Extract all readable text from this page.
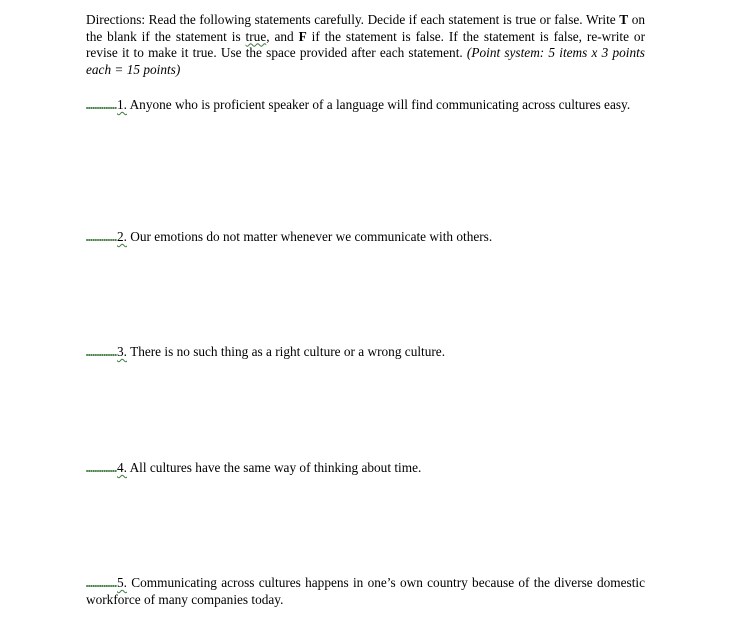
Directions: Read the following statements carefully. Decide if each statement is true or false. Write T on the blank if the statement is true, and F if the statement is false. If the statement is false, re-write or revise it to make it true. Use the space provided after each statement. (Point system: 5 items x 3 points each = 15 points)

1. Anyone who is proficient speaker of a language will find communicating across cultures easy.

2. Our emotions do not matter whenever we communicate with others.

3. There is no such thing as a right culture or a wrong culture.

4. All cultures have the same way of thinking about time.

5. Communicating across cultures happens in one’s own country because of the diverse domestic workforce of many companies today.
